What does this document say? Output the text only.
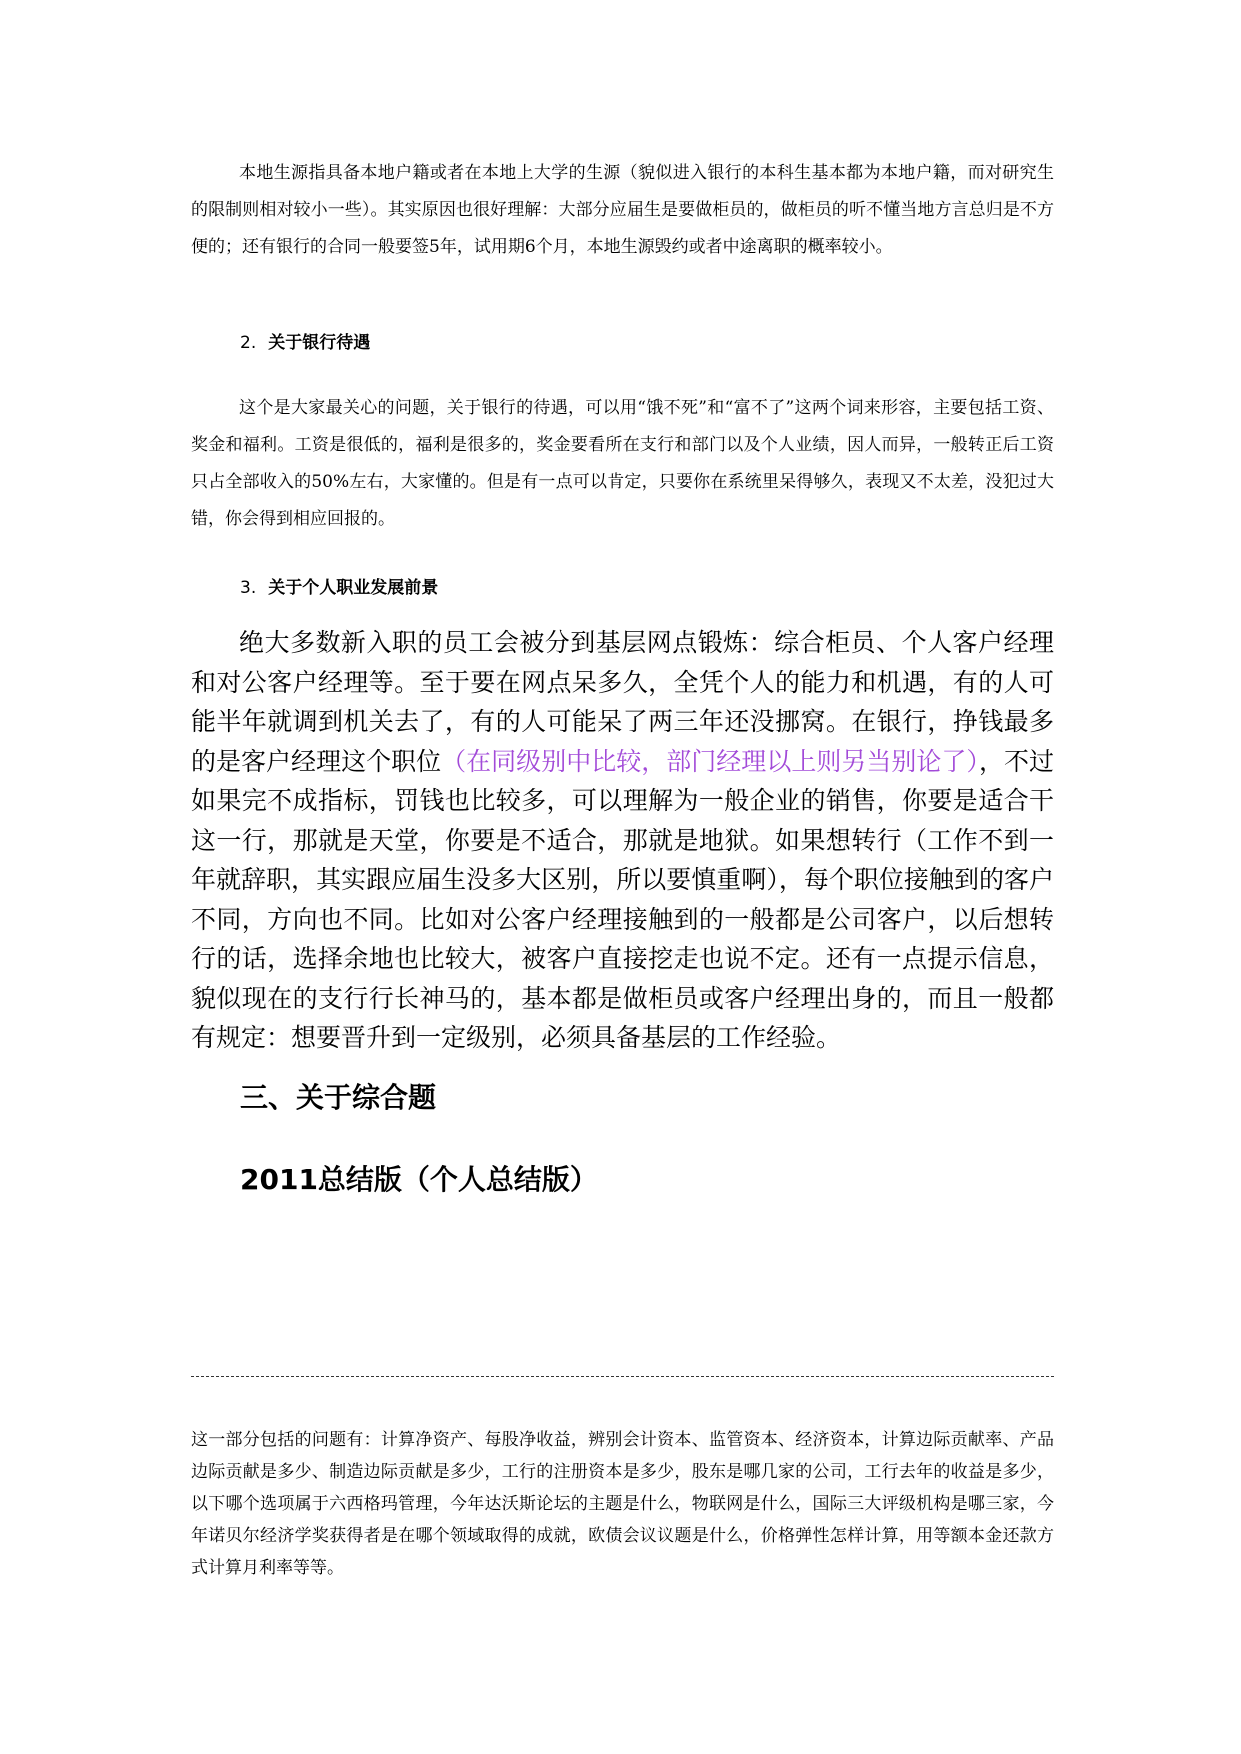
本地生源指具备本地户籍或者在本地上大学的生源（貌似进入银行的本科生基本都为本地户籍，而对研究生的限制则相对较小一些）。其实原因也很好理解：大部分应届生是要做柜员的，做柜员的听不懂当地方言总归是不方便的；还有银行的合同一般要签5年，试用期6个月，本地生源毁约或者中途离职的概率较小。

2. 关于银行待遇

这个是大家最关心的问题，关于银行的待遇，可以用“饿不死”和“富不了”这两个词来形容，主要包括工资、奖金和福利。工资是很低的，福利是很多的，奖金要看所在支行和部门以及个人业绩，因人而异，一般转正后工资只占全部收入的50%左右，大家懂的。但是有一点可以肯定，只要你在系统里呆得够久，表现又不太差，没犯过大错，你会得到相应回报的。

3. 关于个人职业发展前景

绝大多数新入职的员工会被分到基层网点锻炼：综合柜员、个人客户经理和对公客户经理等。至于要在网点呆多久，全凭个人的能力和机遇，有的人可能半年就调到机关去了，有的人可能呆了两三年还没挪窝。在银行，挣钱最多的是客户经理这个职位（在同级别中比较，部门经理以上则另当别论了），不过如果完不成指标，罚钱也比较多，可以理解为一般企业的销售，你要是适合干这一行，那就是天堂，你要是不适合，那就是地狱。如果想转行（工作不到一年就辞职，其实跟应届生没多大区别，所以要慎重啊），每个职位接触到的客户不同，方向也不同。比如对公客户经理接触到的一般都是公司客户，以后想转行的话，选择余地也比较大，被客户直接挖走也说不定。还有一点提示信息，貌似现在的支行行长神马的，基本都是做柜员或客户经理出身的，而且一般都有规定：想要晋升到一定级别，必须具备基层的工作经验。

三、关于综合题
2011总结版（个人总结版）

这一部分包括的问题有：计算净资产、每股净收益，辨别会计资本、监管资本、经济资本，计算边际贡献率、产品边际贡献是多少、制造边际贡献是多少，工行的注册资本是多少，股东是哪几家的公司，工行去年的收益是多少，以下哪个选项属于六西格玛管理，今年达沃斯论坛的主题是什么，物联网是什么，国际三大评级机构是哪三家，今年诺贝尔经济学奖获得者是在哪个领域取得的成就，欧债会议议题是什么，价格弹性怎样计算，用等额本金还款方式计算月利率等等。
